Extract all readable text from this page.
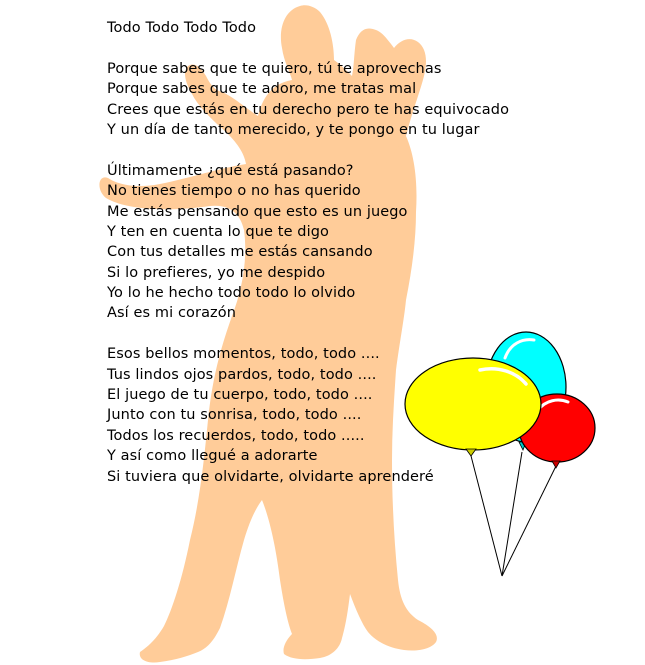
Todo Todo Todo Todo
Porque sabes que te quiero, tú te aprovechas
Porque sabes que te adoro, me tratas mal
Crees que estás en tu derecho pero te has equivocado
Y un día de tanto merecido, y te pongo en tu lugar
Últimamente ¿qué está pasando?
No tienes tiempo o no has querido
Me estás pensando que esto es un juego
Y ten en cuenta lo que te digo
Con tus detalles me estás cansando
Si lo prefieres, yo me despido
Yo lo he hecho todo todo lo olvido
Así es mi corazón
Esos bellos momentos, todo, todo ....
Tus lindos ojos pardos, todo, todo ....
El juego de tu cuerpo, todo, todo ....
Junto con tu sonrisa, todo, todo ....
Todos los recuerdos, todo, todo .....
Y así como llegué a adorarte
Si tuviera que olvidarte, olvidarte aprenderé
